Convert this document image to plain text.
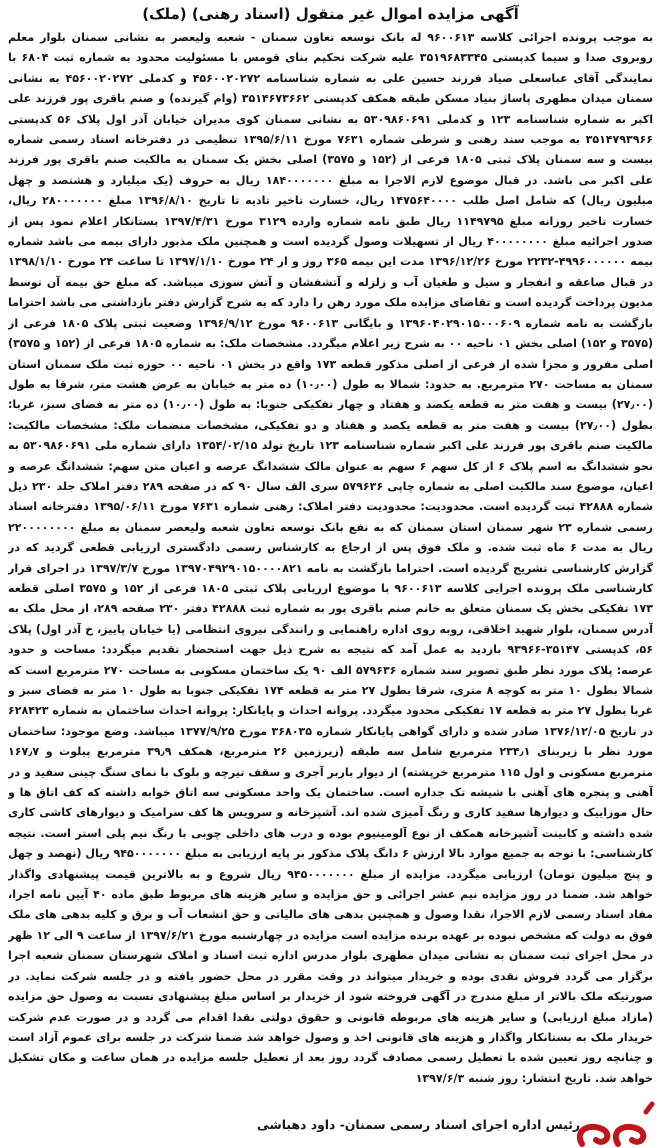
آگهی مزایده اموال غیر منقول (اسناد رهنی) (ملک)
به موجب پرونده اجرائی کلاسه ۹۶۰۰۶۱۳ له بانک توسعه تعاون سمنان - شعبه ولیعصر به نشانی سمنان بلوار معلم روبروی صدا و سیما کدپستی ۳۵۱۹۶۸۳۳۴۵ علیه شرکت تحکیم بنای قومس با مسئولیت محدود به شماره ثبت ۶۸۰۴ با نمایندگی آقای عباسعلی صیاد فرزند حسین علی به شماره شناسنامه ۴۵۶۰۰۲۰۲۷۲ و کدملی ۴۵۶۰۰۲۰۲۷۲ به نشانی سمنان میدان مطهری پاساژ بنیاد مسکن طبقه همکف کدپستی ۳۵۱۴۶۷۳۶۶۲ (وام گیرنده) و صنم باقری پور فرزند علی اکبر به شماره شناسنامه ۱۲۳ و کدملی ۵۳۰۹۸۶۰۶۹۱ به نشانی سمنان کوی مدیران خیابان آذر اول پلاک ۵۶ کدپستی ۳۵۱۴۷۹۳۹۶۶ به موجب سند رهنی و شرطی شماره ۷۶۳۱ مورخ ۱۳۹۵/۶/۱۱ تنظیمی در دفترخانه اسناد رسمی شماره بیست و سه سمنان پلاک ثبتی ۱۸۰۵ فرعی از (۱۵۲ و ۳۵۷۵) اصلی بخش یک سمنان به مالکیت صنم باقری پور فرزند علی اکبر می باشد. در قبال موضوع لازم الاجرا به مبلغ ۱۸۴۰۰۰۰۰۰۰ ریال به حروف (یک میلیارد و هشتصد و چهل میلیون ریال) که شامل اصل طلب ۱۴۷۵۶۴۰۰۰۰ ریال، خسارت تاخیر تادیه تا تاریخ ۱۳۹۶/۸/۱۰ مبلغ ۲۸۰۰۰۰۰۰۰ ریال، خسارت تاخیر روزانه مبلغ ۱۱۴۹۷۹۵ ریال طبق نامه شماره وارده ۳۱۲۹ مورخ ۱۳۹۷/۴/۳۱ بستانکار اعلام نمود پس از صدور اجرائیه مبلغ ۴۰۰۰۰۰۰۰۰ ریال از تسهیلات وصول گردیده است و همچنین ملک مذبور دارای بیمه می باشد شماره بیمه ۴۹۹۶۰۰۰۰۰۰-۲۲۳۲ مورخ ۱۳۹۶/۱۲/۲۶ مدت این بیمه ۳۶۵ روز و از ۲۴ مورخ ۱۳۹۷/۱/۱۰ تا ساعت ۲۴ مورخ ۱۳۹۸/۱/۱۰ در قبال صاعقه و انفجار و سیل و طغیان آب و زلزله و آتشفشان و آتش سوزی میباشد. که مبلغ حق بیمه آن توسط مدیون پرداخت گردیده است و تقاضای مزایده ملک مورد رهن را دارد که به شرح گزارش دفتر بازداشتی می باشد احتراما بازگشت به نامه شماره ۱۳۹۶۰۴۰۲۹۰۱۵۰۰۰۶۰۹ و بایگانی ۹۶۰۰۶۱۳ مورخ ۱۳۹۶/۹/۱۲ وضعیت ثبتی پلاک ۱۸۰۵ فرعی از (۳۵۷۵ و ۱۵۲) اصلی بخش ۰۱ ناحیه ۰۰ به شرح زیر اعلام میگردد. مشخصات ملک: به شماره ۱۸۰۵ فرعی از (۱۵۲ و ۳۵۷۵) اصلی مفروز و مجزا شده از فرعی از اصلی مذکور قطعه ۱۷۳ واقع در بخش ۰۱ ناحیه ۰۰ حوزه ثبت ملک سمنان استان سمنان به مساحت ۲۷۰ مترمربع. به حدود: شمالا به طول (۱۰٫۰۰) ده متر به خیابان به عرض هشت متر، شرقا به طول (۲۷٫۰۰) بیست و هفت متر به قطعه یکصد و هفتاد و چهار تفکیکی جنوبا: به طول (۱۰٫۰۰) ده متر به فضای سبز، غربا: بطول (۲۷٫۰۰) بیست و هفت متر به قطعه یکصد و هفتاد و دو تفکیکی، مشخصات منضمات ملک: مشخصات مالکیت: مالکیت صنم باقری پور فرزند علی اکبر شماره شناسنامه ۱۲۳ تاریخ تولد ۱۳۵۴/۰۲/۱۵ دارای شماره ملی ۵۳۰۹۸۶۰۶۹۱ به نحو ششدانگ به اسم پلاک ۶ از کل سهم ۶ سهم به عنوان مالک ششدانگ عرصه و اعیان متن سهم: ششدانگ عرصه و اعیان، موضوع سند مالکیت اصلی به شماره چاپی ۵۷۹۶۳۶ سری الف سال ۹۰ که در صفحه ۲۸۹ دفتر املاک جلد ۲۳۰ ذیل شماره ۴۲۸۸۸ ثبت گردیده است. محدودیت: محدودیت دفتر املاک: رهنی شماره ۷۶۳۱ مورخ ۱۳۹۵/۰۶/۱۱ دفترخانه اسناد رسمی شماره ۲۳ شهر سمنان استان سمنان که به نفع بانک توسعه تعاون شعبه ولیعصر سمنان به مبلغ ۲۲۰۰۰۰۰۰۰۰ ریال به مدت ۶ ماه ثبت شده. و ملک فوق پس از ارجاع به کارشناس رسمی دادگستری ارزیابی قطعی گردید که در گزارش کارشناسی تشریح گردیده است. احتراما بازگشت به نامه ۱۳۹۷۰۴۹۲۹۰۱۵۰۰۰۰۸۲۱ مورخ ۱۳۹۷/۳/۷ در اجرای قرار کارشناسی ملک پرونده اجرایی کلاسه ۹۶۰۰۶۱۳ با موضوع ارزیابی پلاک ثبتی ۱۸۰۵ فرعی از ۱۵۲ و ۳۵۷۵ اصلی قطعه ۱۷۳ تفکیکی بخش یک سمنان متعلق به خانم صنم باقری پور به شماره ثبت ۴۲۸۸۸ دفتر ۲۳۰ صفحه ۲۸۹، از محل ملک به آدرس سمنان، بلوار شهید اخلاقی، روبه روی اداره راهنمایی و رانندگی نیروی انتظامی (یا خیابان پاییز، خ آذر اول) پلاک ۵۶، کدپستی ۳۵۱۴۷-۹۳۹۶۶ بازدید به عمل آمد که نتیجه به شرح ذیل جهت استحضار تقدیم میگردد: مساحت و حدود عرصه: پلاک مورد نظر طبق تصویر سند شماره ۵۷۹۶۳۶ الف ۹۰ یک ساختمان مسکونی به مساحت ۲۷۰ مترمربع است که شمالا بطول ۱۰ متر به کوچه ۸ متری، شرقا بطول ۲۷ متر به قطعه ۱۷۴ تفکیکی جنوبا به طول ۱۰ متر به فضای سبز و غربا بطول ۲۷ متر به قطعه ۱۷ تفکیکی محدود میگردد. پروانه احداث و پایانکار: پروانه احداث ساختمان به شماره ۶۲۸۴۲۳ در تاریخ ۱۳۷۶/۱۲/۰۵ صادر شده و دارای گواهی پایانکار شماره ۳۶۸۰۳۵ مورخ ۱۳۷۷/۹/۲۵ میباشد. وضع موجود: ساختمان مورد نظر با زیربنای ۲۳۴٫۱ مترمربع شامل سه طبقه (زیرزمین ۲۶ مترمربع، همکف ۳۹٫۹ مترمربع پیلوت و ۱۶۷٫۷ مترمربع مسکونی و اول ۱۱۵ مترمربع خرپشته) از دیوار باربر آجری و سقف تیرچه و بلوک با نمای سنگ چینی سفید و در آهنی و پنجره های آهنی با شیشه تک جداره است. ساختمان یک واحد مسکونی سه اتاق خوابه داشته که کف اتاق ها و حال موزاییک و دیوارها سفید کاری و رنگ آمیزی شده اند. آشپزخانه و سرویس ها کف سرامیک و دیوارهای کاشی کاری شده داشته و کابینت آشپزخانه همکف از نوع آلومینیوم بوده و درب های داخلی چوبی با رنگ نیم پلی استر است. نتیجه کارشناسی: با توجه به جمیع موارد بالا ارزش ۶ دانگ پلاک مذکور بر پایه ارزیابی به مبلغ ۹۴۵۰۰۰۰۰۰۰ ریال (نهصد و چهل و پنج میلیون تومان) ارزیابی میگردد. مزایده از مبلغ ۹۴۵۰۰۰۰۰۰۰ ریال شروع و به بالاترین قیمت پیشنهادی واگذار خواهد شد. ضمنا در روز مزایده نیم عشر اجرائی و حق مزایده و سایر هزینه های مربوط طبق ماده ۴۰ آیین نامه اجرا، مفاد اسناد رسمی لازم الاجرا، نقدا وصول و همچنین بدهی های مالیاتی و حق انشعاب آب و برق و کلیه بدهی های ملک فوق به دولت که مشخص نبوده بر عهده برنده مزایده است مزایده در چهارشنبه مورخ ۱۳۹۷/۶/۲۱ از ساعت ۹ الی ۱۲ ظهر در محل اجرای ثبت سمنان به نشانی میدان مطهری بلوار مدرس اداره ثبت اسناد و املاک شهرستان سمنان شعبه اجرا برگزار می گردد فروش نقدی بوده و خریدار میتواند در وقت مقرر در محل حضور یافته و در جلسه شرکت نماید. در صورتیکه ملک بالاتر از مبلغ مندرج در آگهی فروخته شود از خریدار بر اساس مبلغ پیشنهادی نسبت به وصول حق مزایده (مازاد مبلغ ارزیابی) و سایر هزینه های مربوطه قانونی و حقوق دولتی نقدا اقدام می گردد و در صورت عدم شرکت خریدار ملک به بستانکار واگذار و هزینه های قانونی اخذ و وصول خواهد شد ضمنا شرکت در جلسه برای عموم آزاد است و چنانچه روز تعیین شده با تعطیل رسمی مصادف گردد روز بعد از تعطیل جلسه مزایده در همان ساعت و مکان تشکیل خواهد شد. تاریخ انتشار: روز شنبه ۱۳۹۷/۶/۳
رئیس اداره اجرای اسناد رسمی سمنان- داود دهباشی
